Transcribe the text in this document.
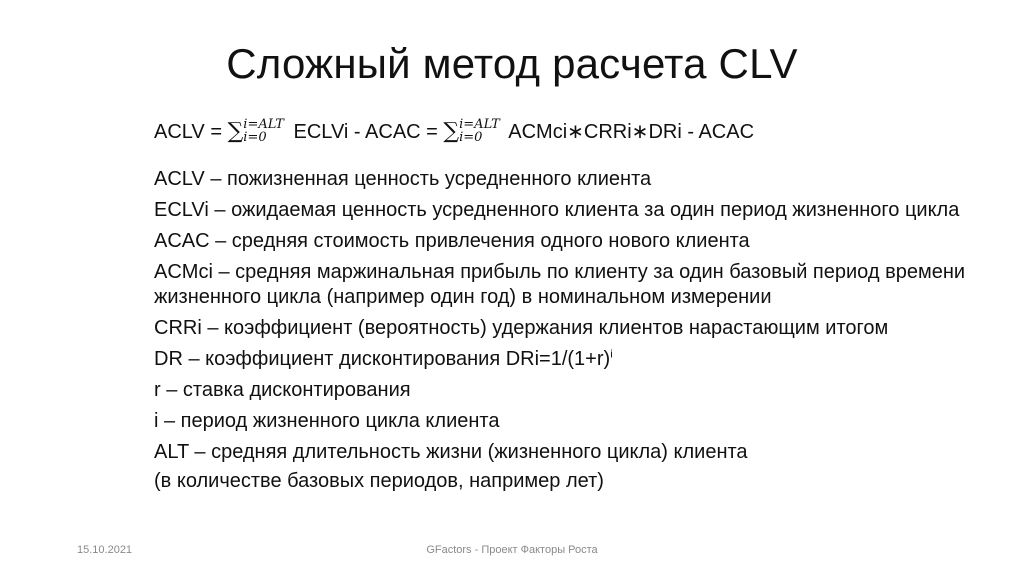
Сложный метод расчета CLV
ACLV = ∑ i=ALT
i=0	ECLVi - ACAC = ∑ i=ALT
i=0	ACMci∗CRRi∗DRi - ACAC
ACLV – пожизненная ценность усредненного клиента
ECLVi – ожидаемая ценность усредненного клиента за один период жизненного цикла
ACAC – средняя стоимость привлечения одного нового клиента
ACMci – средняя маржинальная прибыль по клиенту за один базовый период времени жизненного цикла (например один год) в номинальном измерении
CRRi – коэффициент (вероятность) удержания клиентов нарастающим итогом
DR – коэффициент дисконтирования $DRi=1/(1+r)^i$
r – ставка дисконтирования
i – период жизненного цикла клиента
ALT – средняя длительность жизни (жизненного цикла) клиента
(в количестве базовых периодов, например лет)
15.10.2021	GFactors - Проект Факторы Роста
